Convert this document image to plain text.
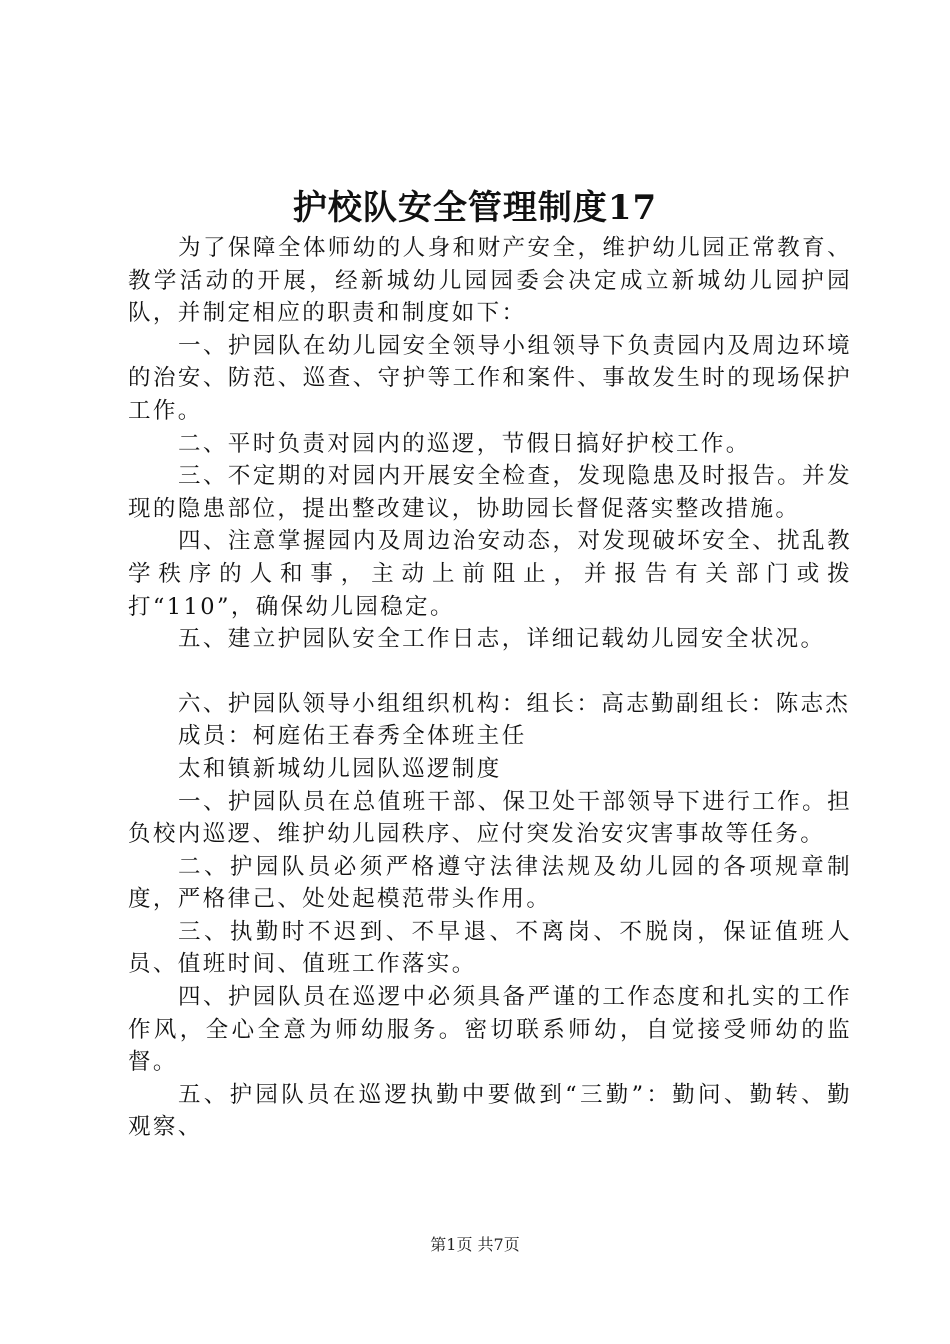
护校队安全管理制度17

为了保障全体师幼的人身和财产安全，维护幼儿园正常教育、教学活动的开展，经新城幼儿园园委会决定成立新城幼儿园护园队，并制定相应的职责和制度如下：

一、护园队在幼儿园安全领导小组领导下负责园内及周边环境的治安、防范、巡查、守护等工作和案件、事故发生时的现场保护工作。

二、平时负责对园内的巡逻，节假日搞好护校工作。

三、不定期的对园内开展安全检查，发现隐患及时报告。并发现的隐患部位，提出整改建议，协助园长督促落实整改措施。

四、注意掌握园内及周边治安动态，对发现破坏安全、扰乱教学秩序的人和事，主动上前阻止，并报告有关部门或拨打“110”，确保幼儿园稳定。

五、建立护园队安全工作日志，详细记载幼儿园安全状况。

六、护园队领导小组组织机构：组长：高志勤副组长：陈志杰

成员：柯庭佑王春秀全体班主任

太和镇新城幼儿园队巡逻制度

一、护园队员在总值班干部、保卫处干部领导下进行工作。担负校内巡逻、维护幼儿园秩序、应付突发治安灾害事故等任务。

二、护园队员必须严格遵守法律法规及幼儿园的各项规章制度，严格律己、处处起模范带头作用。

三、执勤时不迟到、不早退、不离岗、不脱岗，保证值班人员、值班时间、值班工作落实。

四、护园队员在巡逻中必须具备严谨的工作态度和扎实的工作作风，全心全意为师幼服务。密切联系师幼，自觉接受师幼的监督。

五、护园队员在巡逻执勤中要做到“三勤”：勤问、勤转、勤观察、

第1页 共7页
